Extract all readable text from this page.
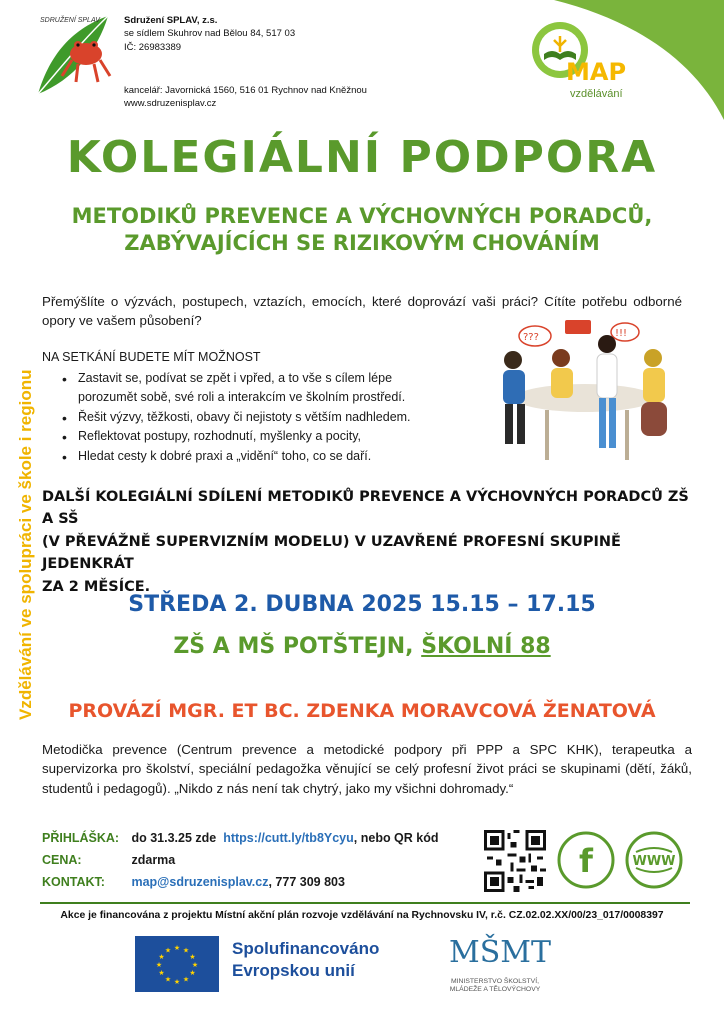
SDRUŽENÍ SPLAV	Sdružení SPLAV, z.s.
se sídlem Skuhrov nad Bělou 84, 517 03
IČ: 26983389
kancelář: Javornická 1560, 516 01 Rychnov nad Kněžnou
www.sdruzenisplav.cz
MAP
vzdělávání
KOLEGIÁLNÍ PODPORA
METODIKŮ PREVENCE A VÝCHOVNÝCH PORADCŮ,
ZABÝVAJÍCÍCH SE RIZIKOVÝM CHOVÁNÍM
Vzdělávání ve spolupráci ve škole i regionu
Přemýšlíte o výzvách, postupech, vztazích, emocích, které doprovází vaši práci? Cítíte potřebu odborné opory ve vašem působení?
NA SETKÁNÍ BUDETE MÍT MOŽNOST
• Zastavit se, podívat se zpět i vpřed, a to vše s cílem lépe
porozumět sobě, své roli a interakcím ve školním prostředí.
• Řešit výzvy, těžkosti, obavy či nejistoty s větším nadhledem.
• Reflektovat postupy, rozhodnutí, myšlenky a pocity,
• Hledat cesty k dobré praxi a „vidění“ toho, co se daří.
???	!!!
DALŠÍ KOLEGIÁLNÍ SDÍLENÍ METODIKŮ PREVENCE A VÝCHOVNÝCH PORADCŮ ZŠ A SŠ
(V PŘEVÁŽNĚ SUPERVIZNÍM MODELU) V UZAVŘENÉ PROFESNÍ SKUPINĚ JEDENKRÁT
ZA 2 MĚSÍCE.
STŘEDA 2. DUBNA 2025 15.15 – 17.15
ZŠ A MŠ POTŠTEJN, ŠKOLNÍ 88
PROVÁZÍ MGR. ET BC. ZDENKA MORAVCOVÁ ŽENATOVÁ
Metodička prevence (Centrum prevence a metodické podpory při PPP a SPC KHK), terapeutka a supervizorka pro školství, speciální pedagožka věnující se celý profesní život práci se skupinami (dětí, žáků, studentů i pedagogů). „Nikdo z nás není tak chytrý, jako my všichni dohromady.“
PŘIHLÁŠKA: do 31.3.25 zde https://cutt.ly/tb8Ycyu, nebo QR kód
CENA:	zdarma
KONTAKT: map@sdruzenisplav.cz, 777 309 803
f	WWW
Akce je financována z projektu Místní akční plán rozvoje vzdělávání na Rychnovsku IV, r.č. CZ.02.02.XX/00/23_017/0008397
★ ★
★
★
★
★
★
★
★
★
★
★	Spolufinancováno
Evropskou unií
MŠMT
MINISTERSTVO ŠKOLSTVÍ,
MLÁDEŽE A TĚLOVÝCHOVY
